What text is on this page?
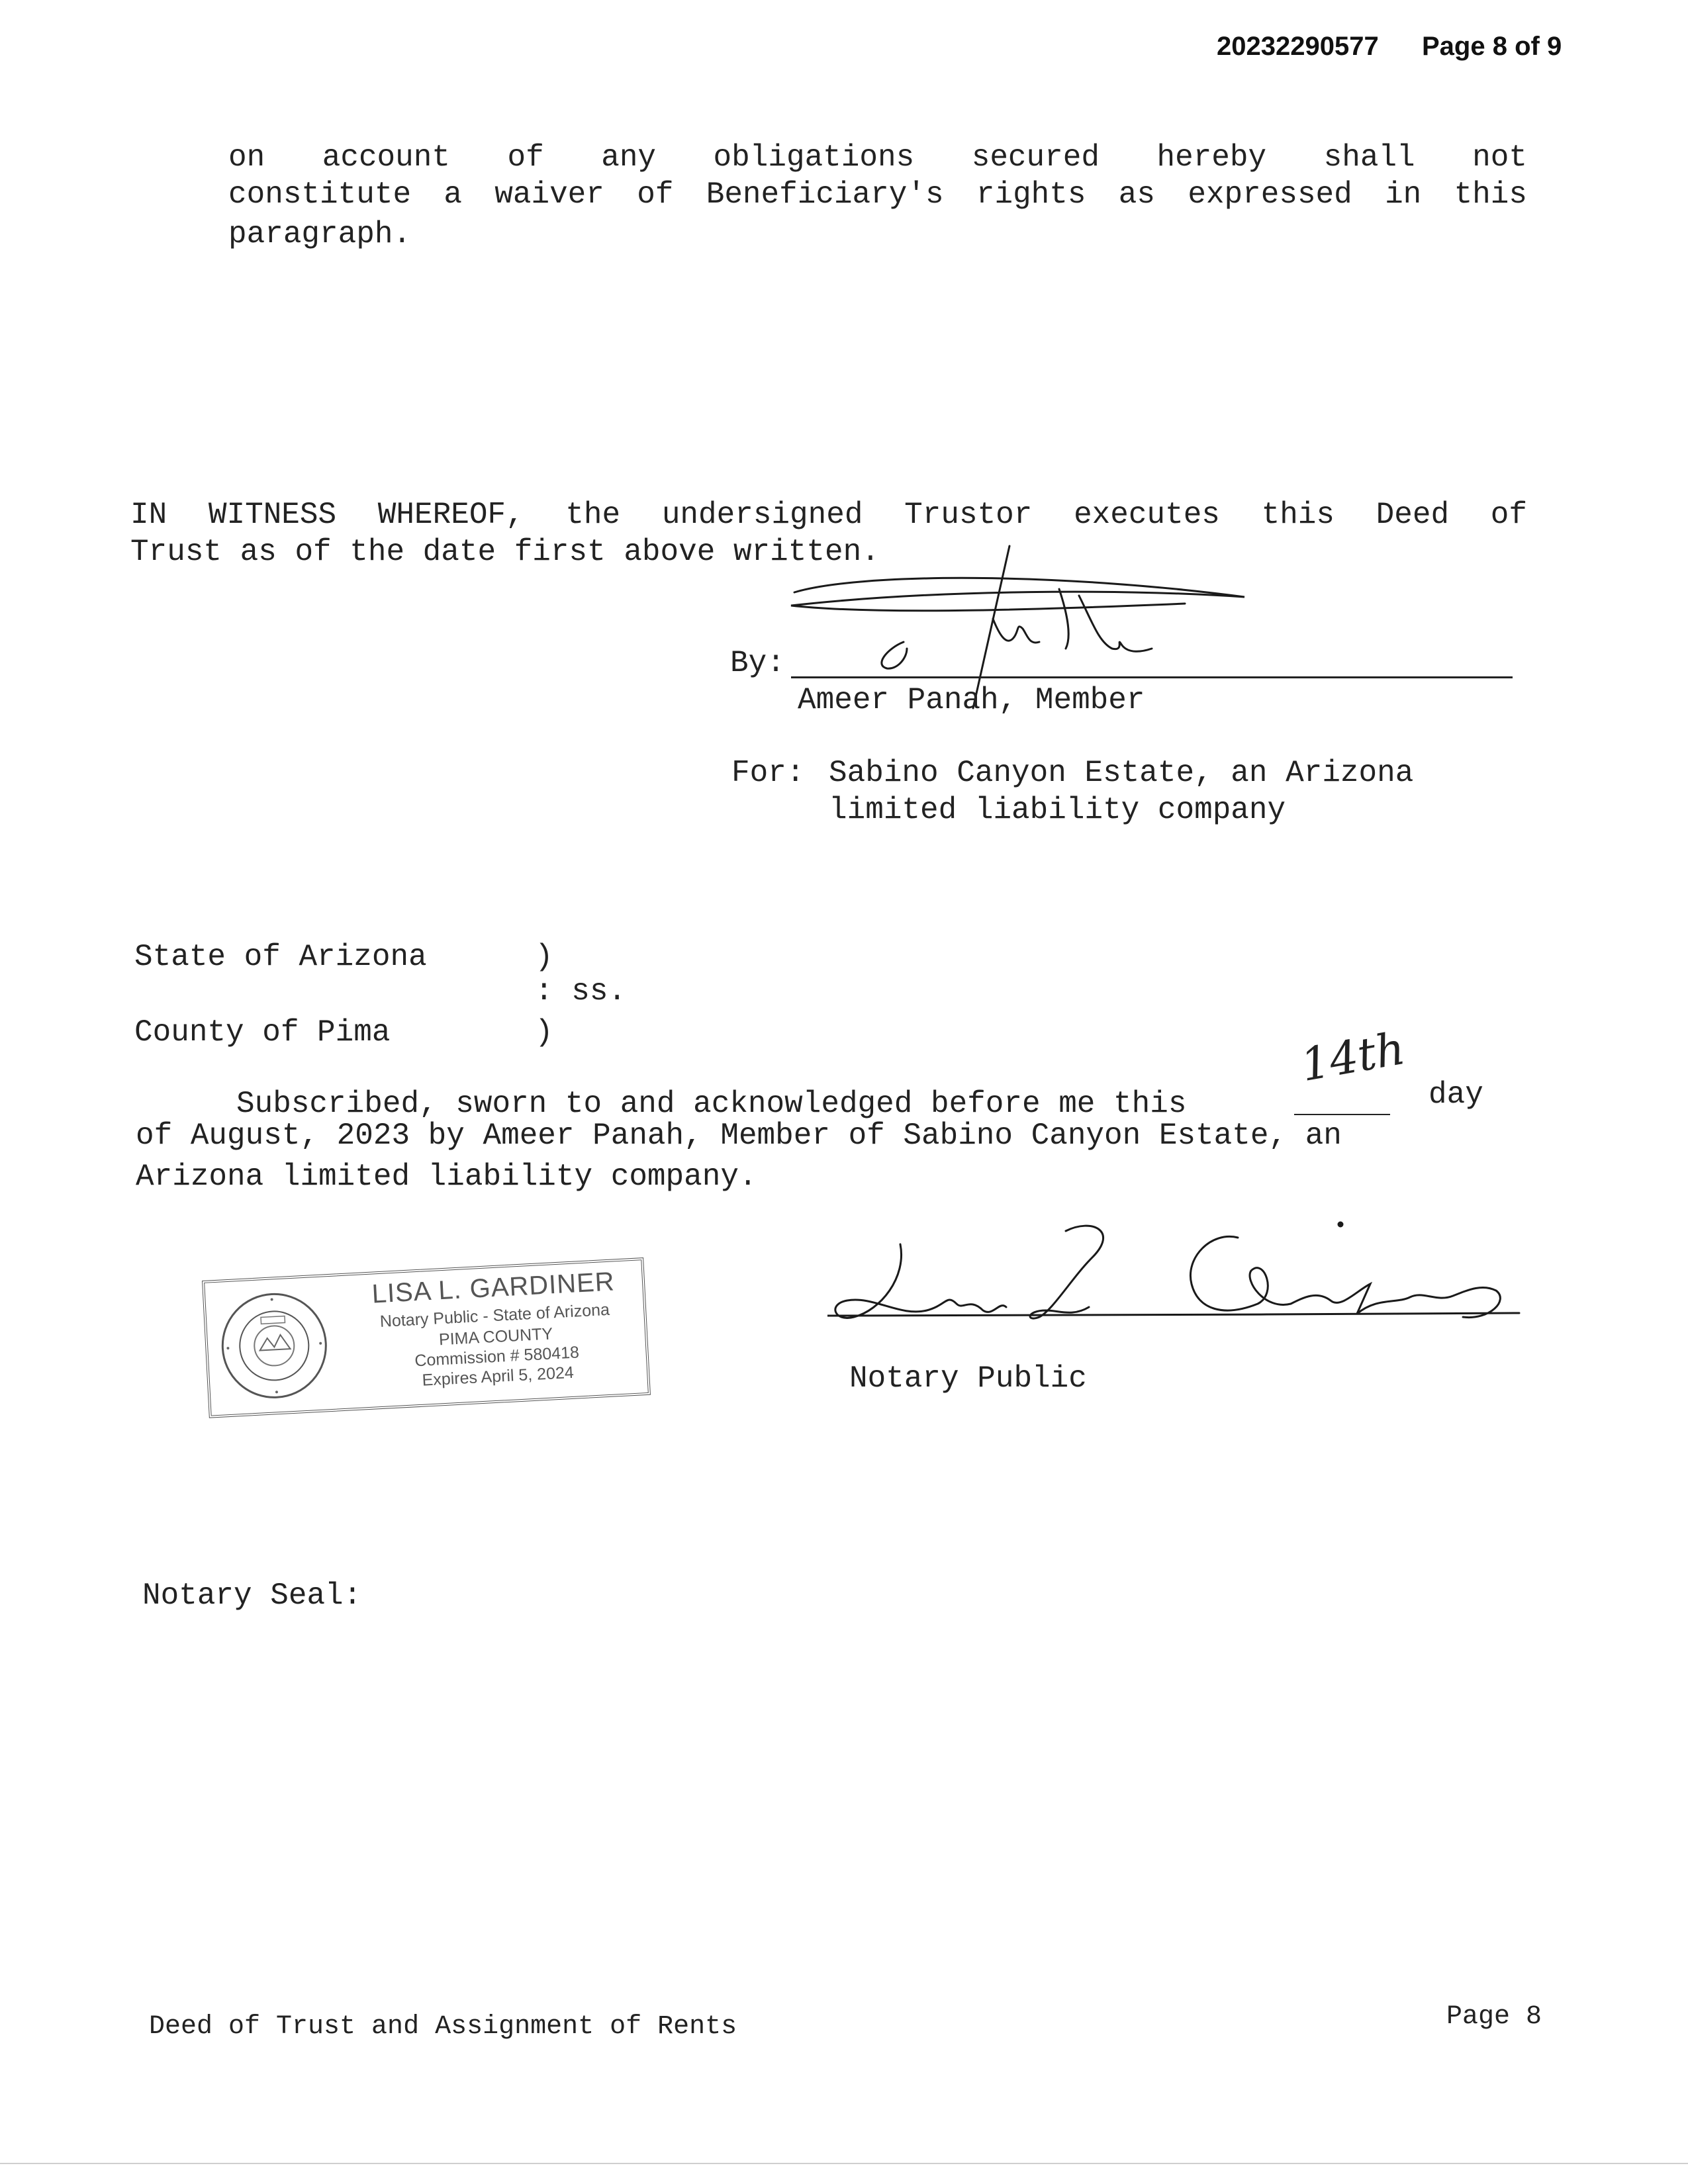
20232290577 Page 8 of 9
on account of any obligations secured hereby shall not
constitute a waiver of Beneficiary's rights as expressed in this
paragraph.
IN WITNESS WHEREOF, the undersigned Trustor executes this Deed of
Trust as of the date first above written.
By:
Ameer Panah, Member
For: Sabino Canyon Estate, an Arizona
limited liability company
State of Arizona	)
: ss.
County of Pima	)
Subscribed, sworn to and acknowledged before me this
14th
day
of August, 2023 by Ameer Panah, Member of Sabino Canyon Estate, an
Arizona limited liability company.
LISA L. GARDINER
Notary Public - State of Arizona
PIMA COUNTY
Commission # 580418
Expires April 5, 2024	Notary Public
Notary Seal:
Deed of Trust and Assignment of Rents	Page 8
